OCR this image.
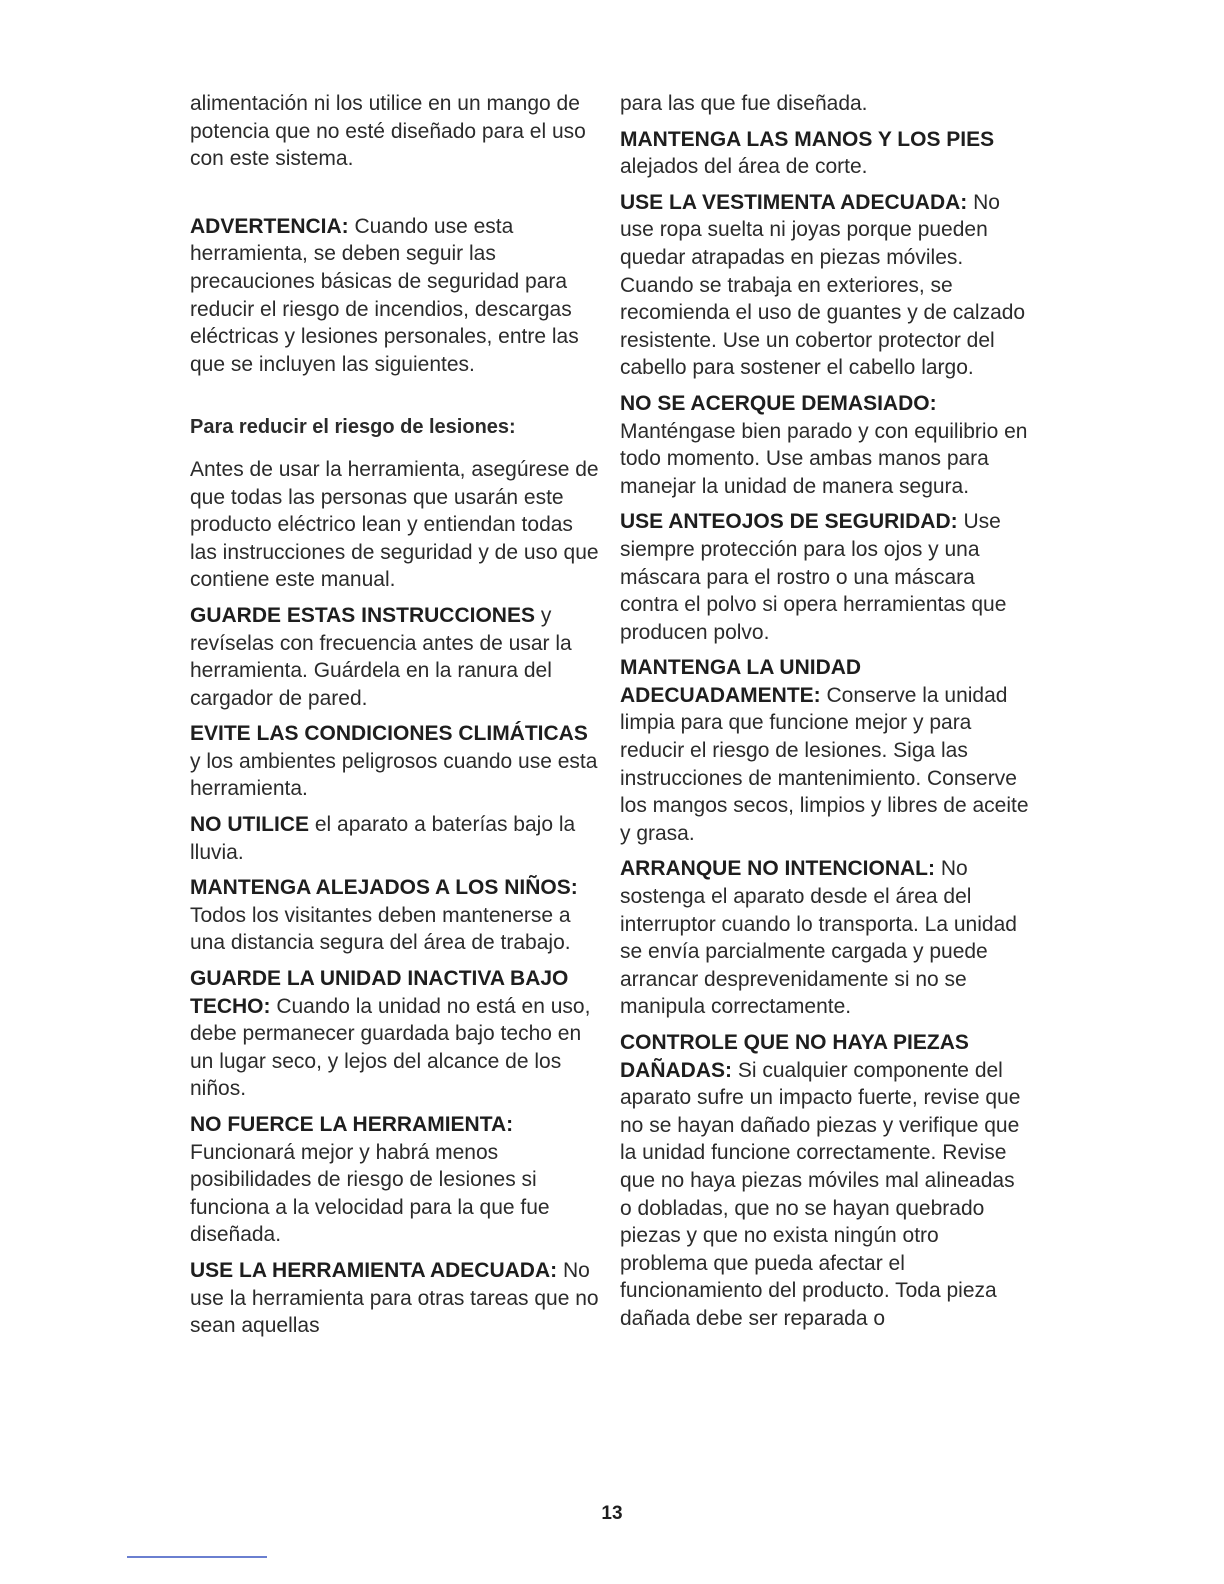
alimentación ni los utilice en un mango de potencia que no esté diseñado para el uso con este sistema.

ADVERTENCIA: Cuando use esta herramienta, se deben seguir las precauciones básicas de seguridad para reducir el riesgo de incendios, descargas eléctricas y lesiones personales, entre las que se incluyen las siguientes.

Para reducir el riesgo de lesiones:

Antes de usar la herramienta, asegúrese de que todas las personas que usarán este producto eléctrico lean y entiendan todas las instrucciones de seguridad y de uso que contiene este manual.

GUARDE ESTAS INSTRUCCIONES y revíselas con frecuencia antes de usar la herramienta. Guárdela en la ranura del cargador de pared.

EVITE LAS CONDICIONES CLIMÁTICAS y los ambientes peligrosos cuando use esta herramienta.

NO UTILICE el aparato a baterías bajo la lluvia.

MANTENGA ALEJADOS A LOS NIÑOS: Todos los visitantes deben mantenerse a una distancia segura del área de trabajo.

GUARDE LA UNIDAD INACTIVA BAJO TECHO: Cuando la unidad no está en uso, debe permanecer guardada bajo techo en un lugar seco, y lejos del alcance de los niños.

NO FUERCE LA HERRAMIENTA: Funcionará mejor y habrá menos posibilidades de riesgo de lesiones si funciona a la velocidad para la que fue diseñada.

USE LA HERRAMIENTA ADECUADA: No use la herramienta para otras tareas que no sean aquellas

para las que fue diseñada.

MANTENGA LAS MANOS Y LOS PIES alejados del área de corte.

USE LA VESTIMENTA ADECUADA: No use ropa suelta ni joyas porque pueden quedar atrapadas en piezas móviles. Cuando se trabaja en exteriores, se recomienda el uso de guantes y de calzado resistente. Use un cobertor protector del cabello para sostener el cabello largo.

NO SE ACERQUE DEMASIADO: Manténgase bien parado y con equilibrio en todo momento. Use ambas manos para manejar la unidad de manera segura.

USE ANTEOJOS DE SEGURIDAD: Use siempre protección para los ojos y una máscara para el rostro o una máscara contra el polvo si opera herramientas que producen polvo.

MANTENGA LA UNIDAD ADECUADAMENTE: Conserve la unidad limpia para que funcione mejor y para reducir el riesgo de lesiones. Siga las instrucciones de mantenimiento. Conserve los mangos secos, limpios y libres de aceite y grasa.

ARRANQUE NO INTENCIONAL: No sostenga el aparato desde el área del interruptor cuando lo transporta. La unidad se envía parcialmente cargada y puede arrancar desprevenidamente si no se manipula correctamente.

CONTROLE QUE NO HAYA PIEZAS DAÑADAS: Si cualquier componente del aparato sufre un impacto fuerte, revise que no se hayan dañado piezas y verifique que la unidad funcione correctamente. Revise que no haya piezas móviles mal alineadas o dobladas, que no se hayan quebrado piezas y que no exista ningún otro problema que pueda afectar el funcionamiento del producto. Toda pieza dañada debe ser reparada o

13
